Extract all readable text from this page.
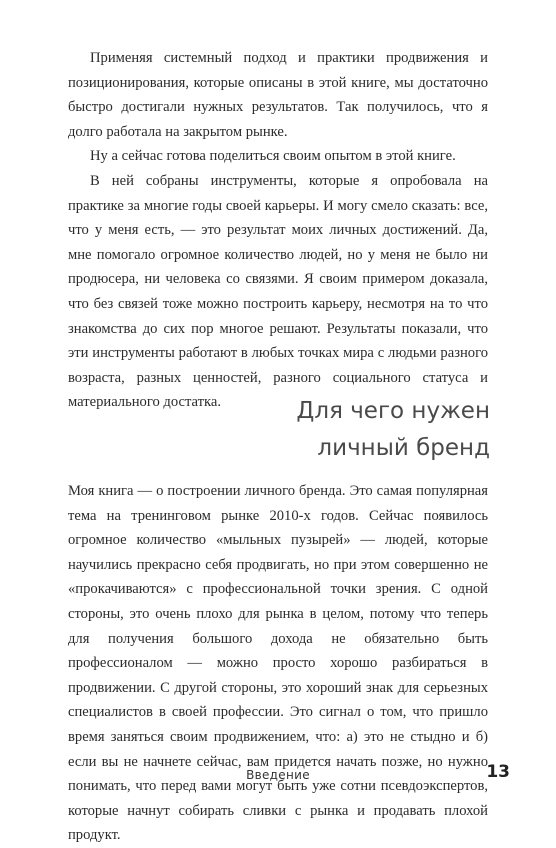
Применяя системный подход и практики продвижения и позиционирования, которые описаны в этой книге, мы достаточно быстро достигали нужных результатов. Так получилось, что я долго работала на закрытом рынке.

Ну а сейчас готова поделиться своим опытом в этой книге.

В ней собраны инструменты, которые я опробовала на практике за многие годы своей карьеры. И могу смело сказать: все, что у меня есть, — это результат моих личных достижений. Да, мне помогало огромное количество людей, но у меня не было ни продюсера, ни человека со связями. Я своим примером доказала, что без связей тоже можно построить карьеру, несмотря на то что знакомства до сих пор многое решают. Результаты показали, что эти инструменты работают в любых точках мира с людьми разного возраста, разных ценностей, разного социального статуса и материального достатка.	Для чего нужен
личный бренд

Моя книга — о построении личного бренда. Это самая популярная тема на тренинговом рынке 2010-х годов. Сейчас появилось огромное количество «мыльных пузырей» — людей, которые научились прекрасно себя продвигать, но при этом совершенно не «прокачиваются» с профессиональной точки зрения. С одной стороны, это очень плохо для рынка в целом, потому что теперь для получения большого дохода не обязательно быть профессионалом — можно просто хорошо разбираться в продвижении. С другой стороны, это хороший знак для серьезных специалистов в своей профессии. Это сигнал о том, что пришло время заняться своим продвижением, что: а) это не стыдно и б) если вы не начнете сейчас, вам придется начать позже, но нужно понимать, что перед вами могут быть уже сотни псевдоэкспертов, которые начнут собирать сливки с рынка и продавать плохой продукт.

Введение	13
